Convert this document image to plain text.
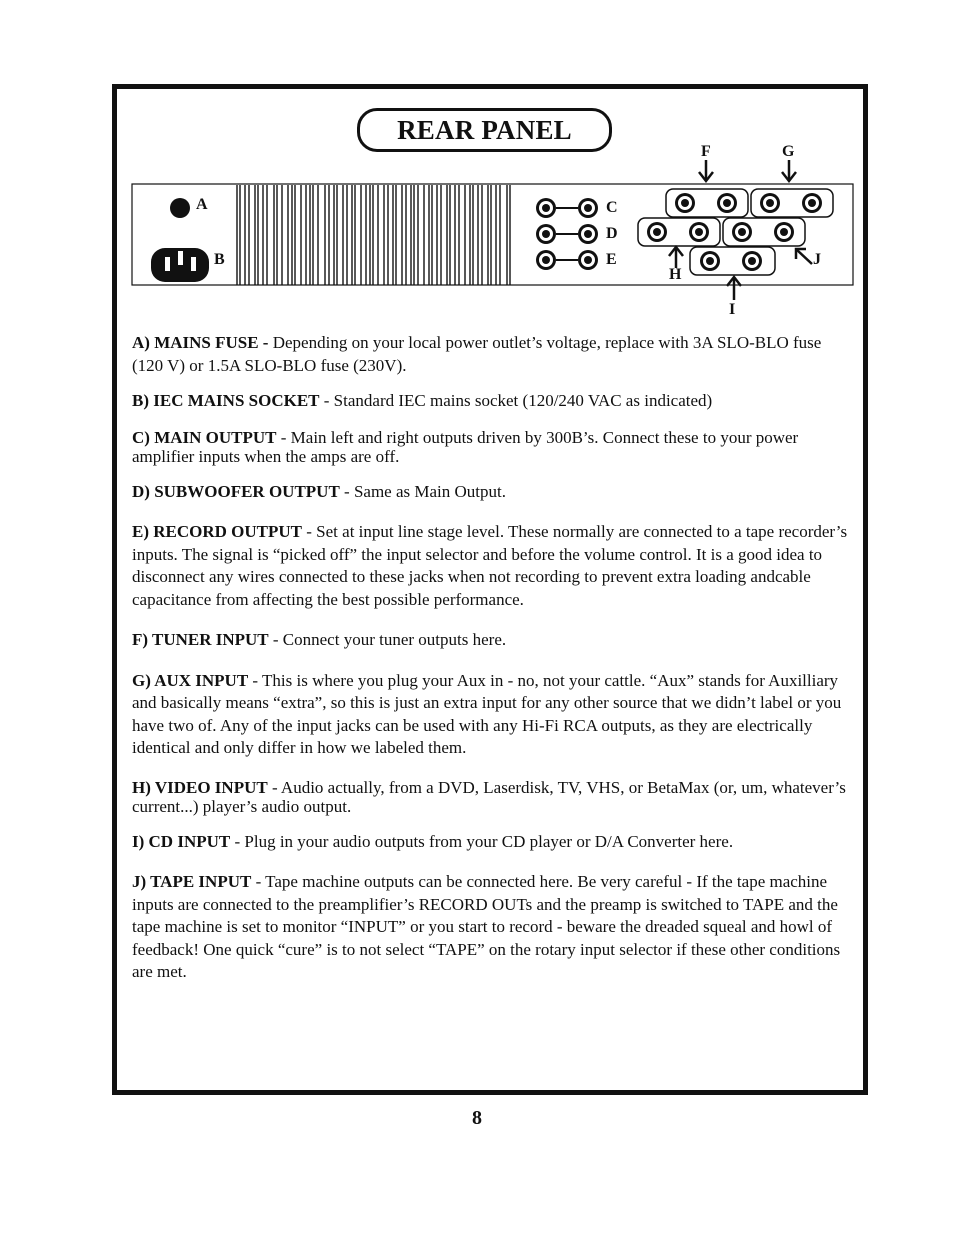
REAR PANEL
A
B
C
D
E
F	G
H
I
J

A) MAINS FUSE - Depending on your local power outlet’s voltage, replace with 3A SLO-BLO fuse (120 V) or 1.5A SLO-BLO fuse (230V).

B) IEC MAINS SOCKET - Standard IEC mains socket (120/240 VAC as indicated)

C) MAIN OUTPUT - Main left and right outputs driven by 300B’s. Connect these to your power amplifier inputs when the amps are off.

D) SUBWOOFER OUTPUT - Same as Main Output.

E) RECORD OUTPUT - Set at input line stage level. These normally are connected to a tape recorder’s inputs. The signal is “picked off” the input selector and before the volume control. It is a good idea to disconnect any wires connected to these jacks when not recording to prevent extra loading andcable capacitance from affecting the best possible performance.

F) TUNER INPUT - Connect your tuner outputs here.

G) AUX INPUT - This is where you plug your Aux in - no, not your cattle. “Aux” stands for Auxilliary and basically means “extra”, so this is just an extra input for any other source that we didn’t label or you have two of. Any of the input jacks can be used with any Hi-Fi RCA outputs, as they are electrically identical and only differ in how we labeled them.

H) VIDEO INPUT - Audio actually, from a DVD, Laserdisk, TV, VHS, or BetaMax (or, um, whatever’s current...) player’s audio output.

I) CD INPUT - Plug in your audio outputs from your CD player or D/A Converter here.

J) TAPE INPUT - Tape machine outputs can be connected here. Be very careful - If the tape machine inputs are connected to the preamplifier’s RECORD OUTs and the preamp is switched to TAPE and the tape machine is set to monitor “INPUT” or you start to record - beware the dreaded squeal and howl of feedback! One quick “cure” is to not select “TAPE” on the rotary input selector if these other conditions are met.

8
